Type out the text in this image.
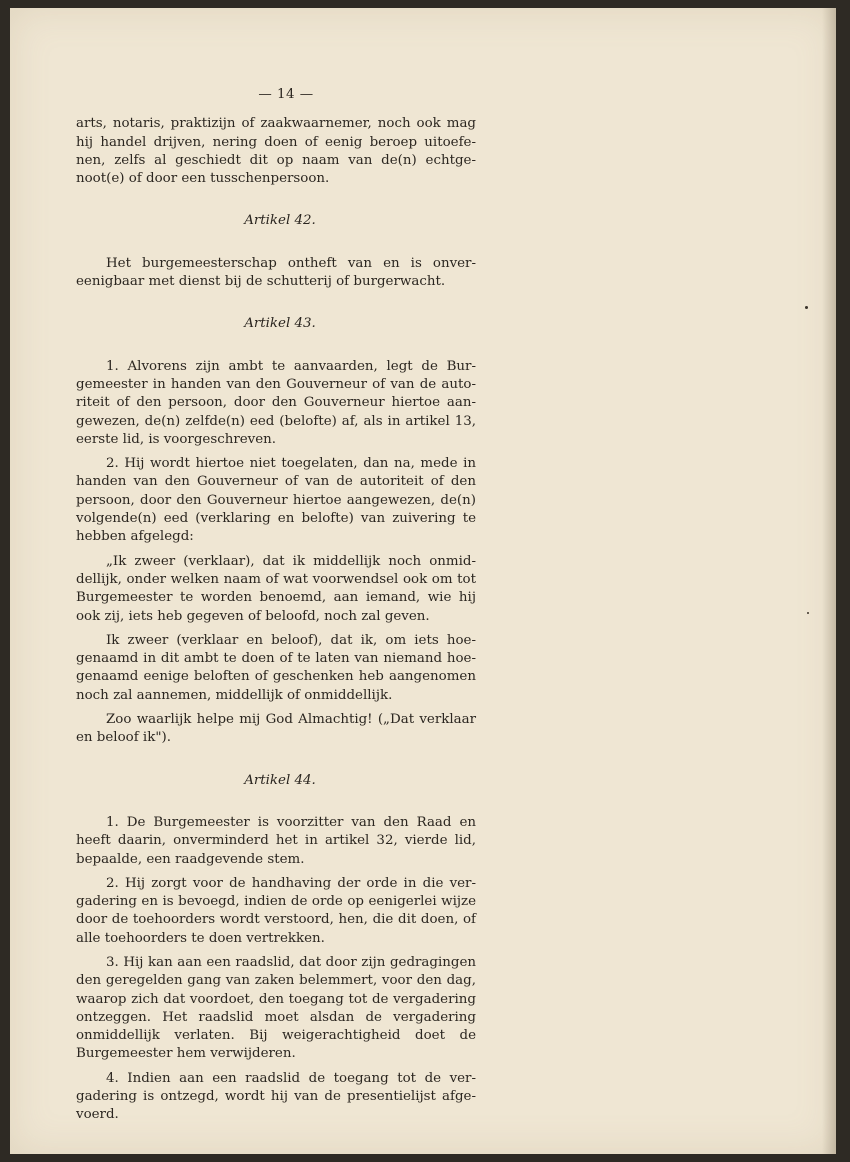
— 14 —

arts, notaris, praktizijn of zaakwaarnemer, noch ook mag hij handel drijven, nering doen of eenig beroep uitoefenen, zelfs al geschiedt dit op naam van de(n) echtgenoot(e) of door een tusschenpersoon.

Artikel 42.

Het burgemeesterschap ontheft van en is onvereenigbaar met dienst bij de schutterij of burgerwacht.

Artikel 43.

1. Alvorens zijn ambt te aanvaarden, legt de Burgemeester in handen van den Gouverneur of van de autoriteit of den persoon, door den Gouverneur hiertoe aangewezen, de(n) zelfde(n) eed (belofte) af, als in artikel 13, eerste lid, is voorgeschreven.

2. Hij wordt hiertoe niet toegelaten, dan na, mede in handen van den Gouverneur of van de autoriteit of den persoon, door den Gouverneur hiertoe aangewezen, de(n) volgende(n) eed (verklaring en belofte) van zuivering te hebben afgelegd:

„Ik zweer (verklaar), dat ik middellijk noch onmiddellijk, onder welken naam of wat voorwendsel ook om tot Burgemeester te worden benoemd, aan iemand, wie hij ook zij, iets heb gegeven of beloofd, noch zal geven.

Ik zweer (verklaar en beloof), dat ik, om iets hoegenaamd in dit ambt te doen of te laten van niemand hoegenaamd eenige beloften of geschenken heb aangenomen noch zal aannemen, middellijk of onmiddellijk.

Zoo waarlijk helpe mij God Almachtig! („Dat verklaar en beloof ik").

Artikel 44.

1. De Burgemeester is voorzitter van den Raad en heeft daarin, onverminderd het in artikel 32, vierde lid, bepaalde, een raadgevende stem.

2. Hij zorgt voor de handhaving der orde in die vergadering en is bevoegd, indien de orde op eenigerlei wijze door de toehoorders wordt verstoord, hen, die dit doen, of alle toehoorders te doen vertrekken.

3. Hij kan aan een raadslid, dat door zijn gedragingen den geregelden gang van zaken belemmert, voor den dag, waarop zich dat voordoet, den toegang tot de vergadering ontzeggen. Het raadslid moet alsdan de vergadering onmiddellijk verlaten. Bij weigerachtigheid doet de Burgemeester hem verwijderen.

4. Indien aan een raadslid de toegang tot de vergadering is ontzegd, wordt hij van de presentielijst afgevoerd.
